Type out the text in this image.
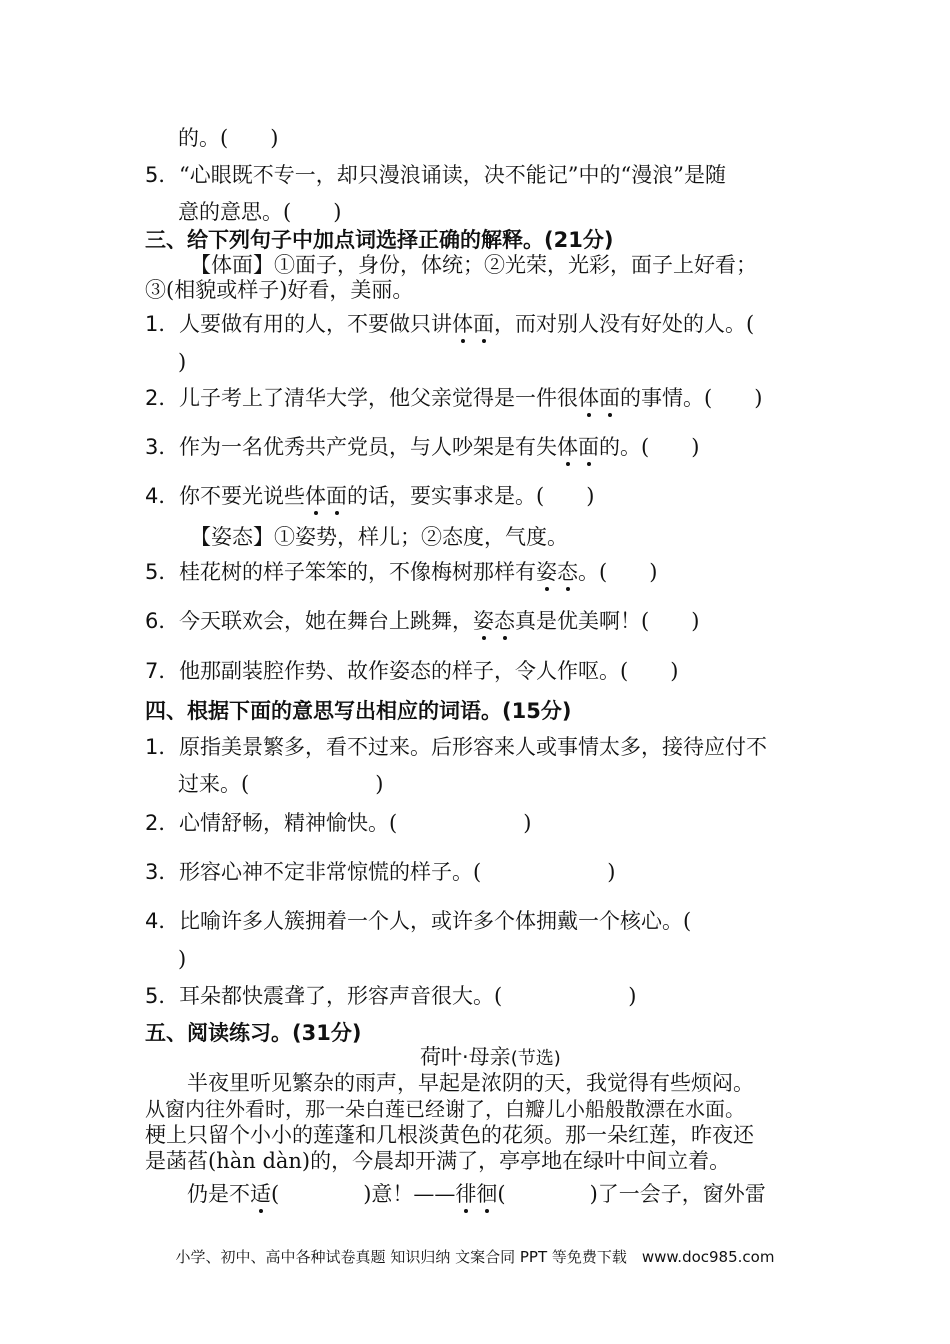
的。(　　)
5．“心眼既不专一，却只漫浪诵读，决不能记”中的“漫浪”是随
意的意思。(　　)
三、给下列句子中加点词选择正确的解释。(21分)
【体面】①面子，身份，体统；②光荣，光彩，面子上好看；
③(相貌或样子)好看，美丽。
1．人要做有用的人，不要做只讲体面，而对别人没有好处的人。(
)
2．儿子考上了清华大学，他父亲觉得是一件很体面的事情。(　　)
3．作为一名优秀共产党员，与人吵架是有失体面的。(　　)
4．你不要光说些体面的话，要实事求是。(　　)
【姿态】①姿势，样儿；②态度，气度。
5．桂花树的样子笨笨的，不像梅树那样有姿态。(　　)
6．今天联欢会，她在舞台上跳舞，姿态真是优美啊！(　　)
7．他那副装腔作势、故作姿态的样子，令人作呕。(　　)
四、根据下面的意思写出相应的词语。(15分)
1．原指美景繁多，看不过来。后形容来人或事情太多，接待应付不
过来。(　　　　　　)
2．心情舒畅，精神愉快。(　　　　　　)
3．形容心神不定非常惊慌的样子。(　　　　　　)
4．比喻许多人簇拥着一个人，或许多个体拥戴一个核心。(
)
5．耳朵都快震聋了，形容声音很大。(　　　　　　)
五、阅读练习。(31分)
荷叶·母亲(节选)
　　半夜里听见繁杂的雨声，早起是浓阴的天，我觉得有些烦闷。
从窗内往外看时，那一朵白莲已经谢了，白瓣儿小船般散漂在水面。
梗上只留个小小的莲蓬和几根淡黄色的花须。那一朵红莲，昨夜还
是菡萏(hàn dàn)的，今晨却开满了，亭亭地在绿叶中间立着。
　　仍是不适(　　　　)意！——徘徊(　　　　)了一会子，窗外雷
小学、初中、高中各种试卷真题 知识归纳 文案合同 PPT 等免费下载　www.doc985.com
